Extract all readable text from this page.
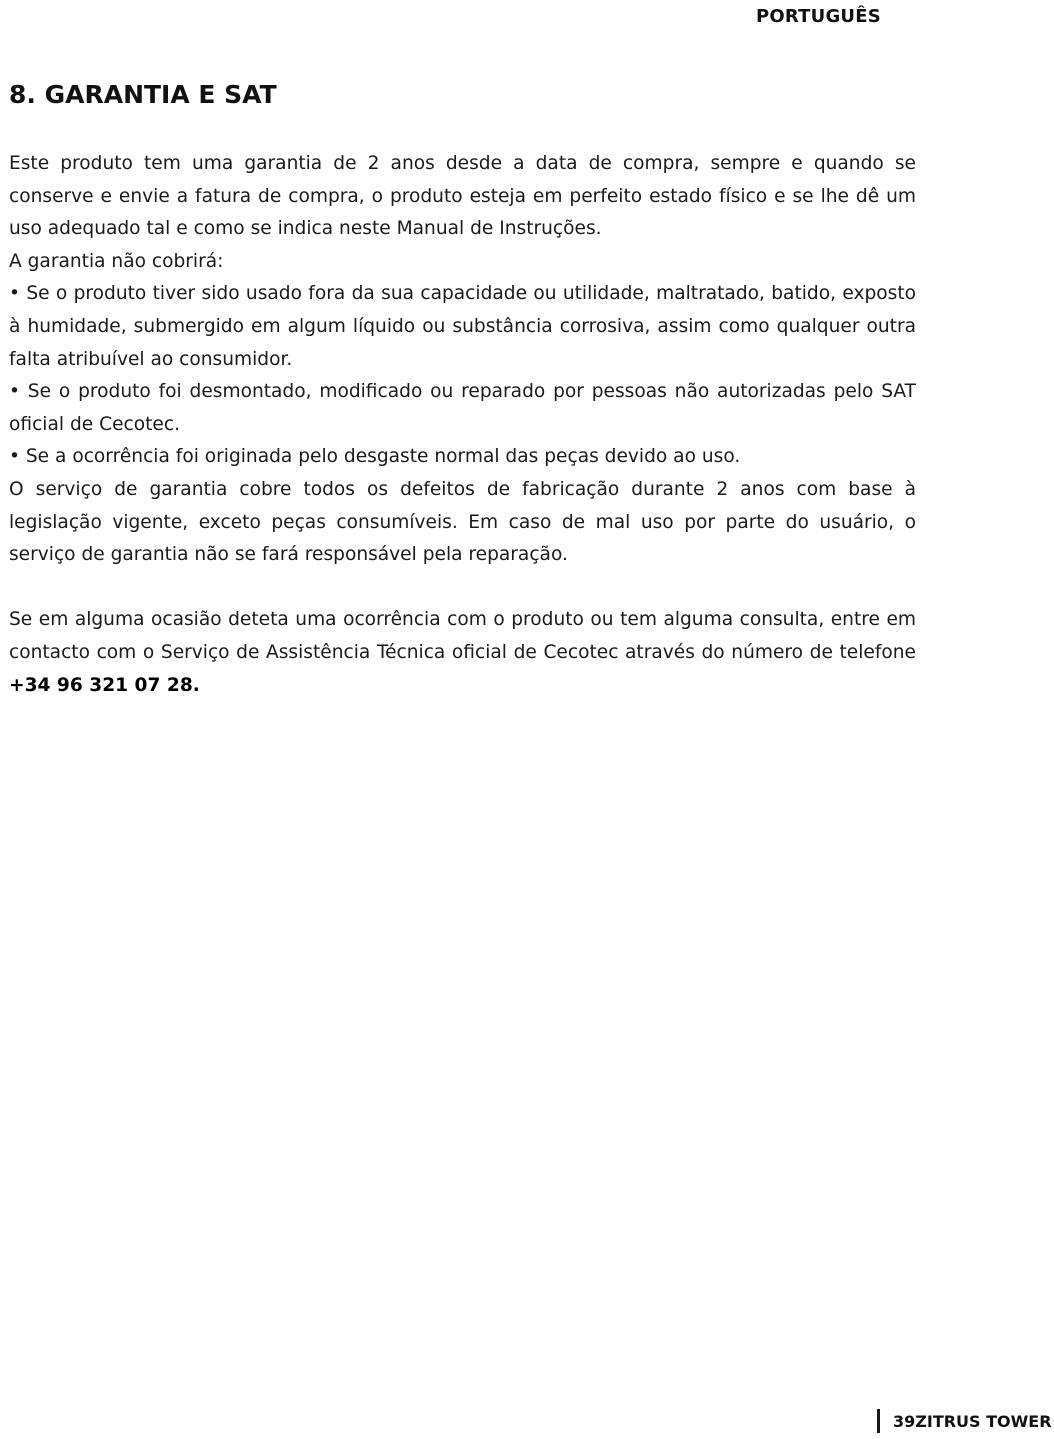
PORTUGUÊS
8. GARANTIA E SAT

Este produto tem uma garantia de 2 anos desde a data de compra, sempre e quando se conserve e envie a fatura de compra, o produto esteja em perfeito estado físico e se lhe dê um uso adequado tal e como se indica neste Manual de Instruções.

A garantia não cobrirá:

• Se o produto tiver sido usado fora da sua capacidade ou utilidade, maltratado, batido, exposto à humidade, submergido em algum líquido ou substância corrosiva, assim como qualquer outra falta atribuível ao consumidor.

• Se o produto foi desmontado, modificado ou reparado por pessoas não autorizadas pelo SAT oficial de Cecotec.

• Se a ocorrência foi originada pelo desgaste normal das peças devido ao uso.

O serviço de garantia cobre todos os defeitos de fabricação durante 2 anos com base à legislação vigente, exceto peças consumíveis. Em caso de mal uso por parte do usuário, o serviço de garantia não se fará responsável pela reparação.

Se em alguma ocasião deteta uma ocorrência com o produto ou tem alguma consulta, entre em contacto com o Serviço de Assistência Técnica oficial de Cecotec através do número de telefone +34 96 321 07 28.

39ZITRUS TOWER
